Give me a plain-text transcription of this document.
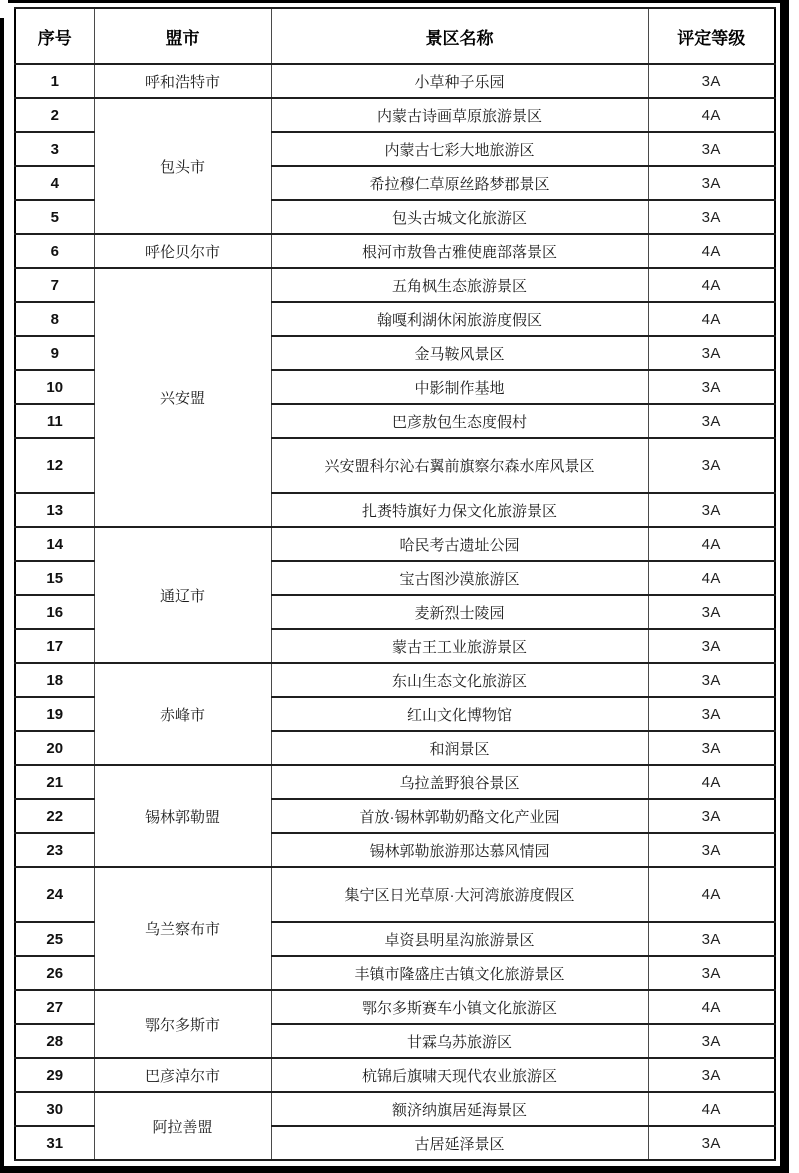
序号	盟市	景区名称	评定等级
1	呼和浩特市	小草种子乐园	3A
2	包头市	内蒙古诗画草原旅游景区	4A
3		内蒙古七彩大地旅游区	3A
4		希拉穆仁草原丝路梦郡景区	3A
5		包头古城文化旅游区	3A
6	呼伦贝尔市	根河市敖鲁古雅使鹿部落景区	4A
7	兴安盟	五角枫生态旅游景区	4A
8		翰嘎利湖休闲旅游度假区	4A
9		金马鞍风景区	3A
10		中影制作基地	3A
11		巴彦敖包生态度假村	3A
12		兴安盟科尔沁右翼前旗察尔森水库风景区	3A
13		扎赉特旗好力保文化旅游景区	3A
14	通辽市	哈民考古遗址公园	4A
15		宝古图沙漠旅游区	4A
16		麦新烈士陵园	3A
17		蒙古王工业旅游景区	3A
18	赤峰市	东山生态文化旅游区	3A
19		红山文化博物馆	3A
20		和润景区	3A
21	锡林郭勒盟	乌拉盖野狼谷景区	4A
22		首放·锡林郭勒奶酪文化产业园	3A
23		锡林郭勒旅游那达慕风情园	3A
24	乌兰察布市	集宁区日光草原·大河湾旅游度假区	4A
25		卓资县明星沟旅游景区	3A
26		丰镇市隆盛庄古镇文化旅游景区	3A
27	鄂尔多斯市	鄂尔多斯赛车小镇文化旅游区	4A
28		甘霖乌苏旅游区	3A
29	巴彦淖尔市	杭锦后旗啸天现代农业旅游区	3A
30	阿拉善盟	额济纳旗居延海景区	4A
31		古居延泽景区	3A
